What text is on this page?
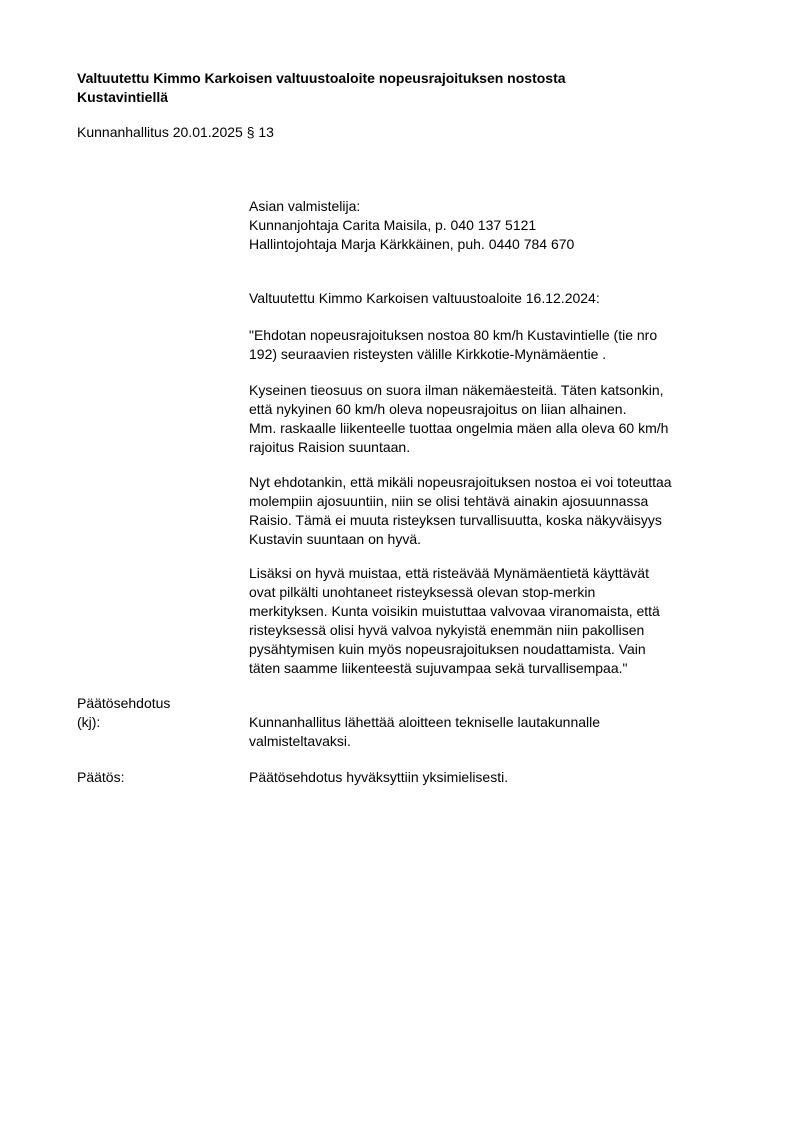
Valtuutettu Kimmo Karkoisen valtuustoaloite nopeusrajoituksen nostosta
Kustavintiellä
Kunnanhallitus 20.01.2025 § 13

Asian valmistelija:

Kunnanjohtaja Carita Maisila, p. 040 137 5121

Hallintojohtaja Marja Kärkkäinen, puh. 0440 784 670

Valtuutettu Kimmo Karkoisen valtuustoaloite 16.12.2024:

"Ehdotan nopeusrajoituksen nostoa 80 km/h Kustavintielle (tie nro

192) seuraavien risteysten välille Kirkkotie-Mynämäentie .

Kyseinen tieosuus on suora ilman näkemäesteitä. Täten katsonkin,

että nykyinen 60 km/h oleva nopeusrajoitus on liian alhainen.

Mm. raskaalle liikenteelle tuottaa ongelmia mäen alla oleva 60 km/h

rajoitus Raision suuntaan.

Nyt ehdotankin, että mikäli nopeusrajoituksen nostoa ei voi toteuttaa

molempiin ajosuuntiin, niin se olisi tehtävä ainakin ajosuunnassa

Raisio. Tämä ei muuta risteyksen turvallisuutta, koska näkyväisyys

Kustavin suuntaan on hyvä.

Lisäksi on hyvä muistaa, että risteävää Mynämäentietä käyttävät

ovat pilkälti unohtaneet risteyksessä olevan stop-merkin

merkityksen. Kunta voisikin muistuttaa valvovaa viranomaista, että

risteyksessä olisi hyvä valvoa nykyistä enemmän niin pakollisen

pysähtymisen kuin myös nopeusrajoituksen noudattamista. Vain

täten saamme liikenteestä sujuvampaa sekä turvallisempaa."

Päätösehdotus
(kj):	Kunnanhallitus lähettää aloitteen tekniselle lautakunnalle

valmisteltavaksi.

Päätös:	Päätösehdotus hyväksyttiin yksimielisesti.
